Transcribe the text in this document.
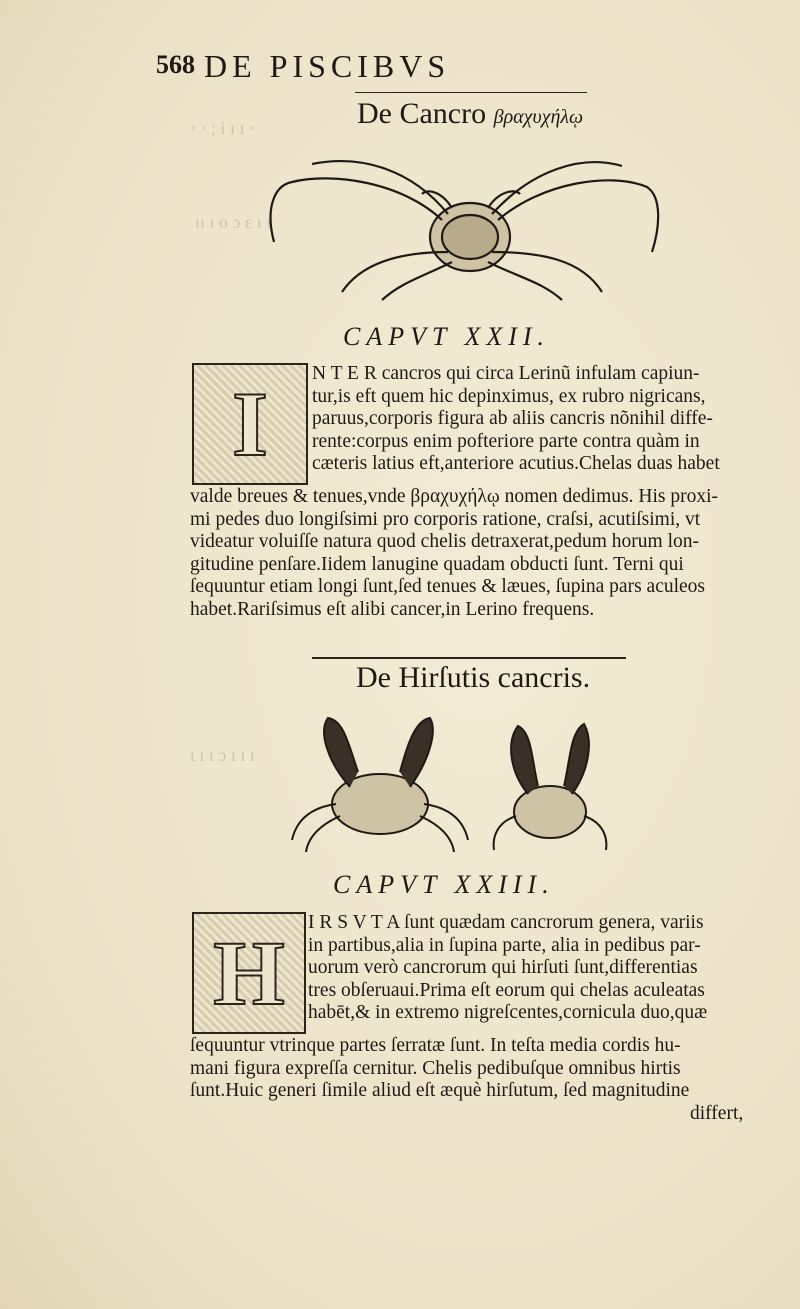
· · ; i ı ı ·
ıı ι ο ɔ ε ı ı
ι ı ı ɔ ı ı ı
568 DE PISCIBVS
De Cancro βραχυχήλῳ
CAPVT XXII.
I N T E R cancros qui circa Lerinũ infulam capiun-
tur,is eft quem hic depinximus, ex rubro nigricans,
paruus,corporis figura ab aliis cancris nõnihil diffe-
rente:corpus enim pofteriore parte contra quàm in
cæteris latius eft,anteriore acutius.Chelas duas habet
valde breues & tenues,vnde βραχυχήλῳ nomen dedimus. His proxi-
mi pedes duo longiſsimi pro corporis ratione, craſsi, acutiſsimi, vt
videatur voluiſſe natura quod chelis detraxerat,pedum horum lon-
gitudine penſare.Iidem lanugine quadam obducti ſunt. Terni qui
ſequuntur etiam longi ſunt,ſed tenues & læues, ſupina pars aculeos
habet.Rariſsimus eſt alibi cancer,in Lerino frequens.
De Hirſutis cancris.
CAPVT XXIII.
H I R S V T A ſunt quædam cancrorum genera, variis
in partibus,alia in ſupina parte, alia in pedibus par-
uorum verò cancrorum qui hirſuti ſunt,differentias
tres obſeruaui.Prima eſt eorum qui chelas aculeatas
habēt,& in extremo nigreſcentes,cornicula duo,quæ
ſequuntur vtrinque partes ſerratæ ſunt. In teſta media cordis hu-
mani figura expreſſa cernitur. Chelis pedibuſque omnibus hirtis
ſunt.Huic generi ſimile aliud eſt æquè hirſutum, ſed magnitudine
differt,
